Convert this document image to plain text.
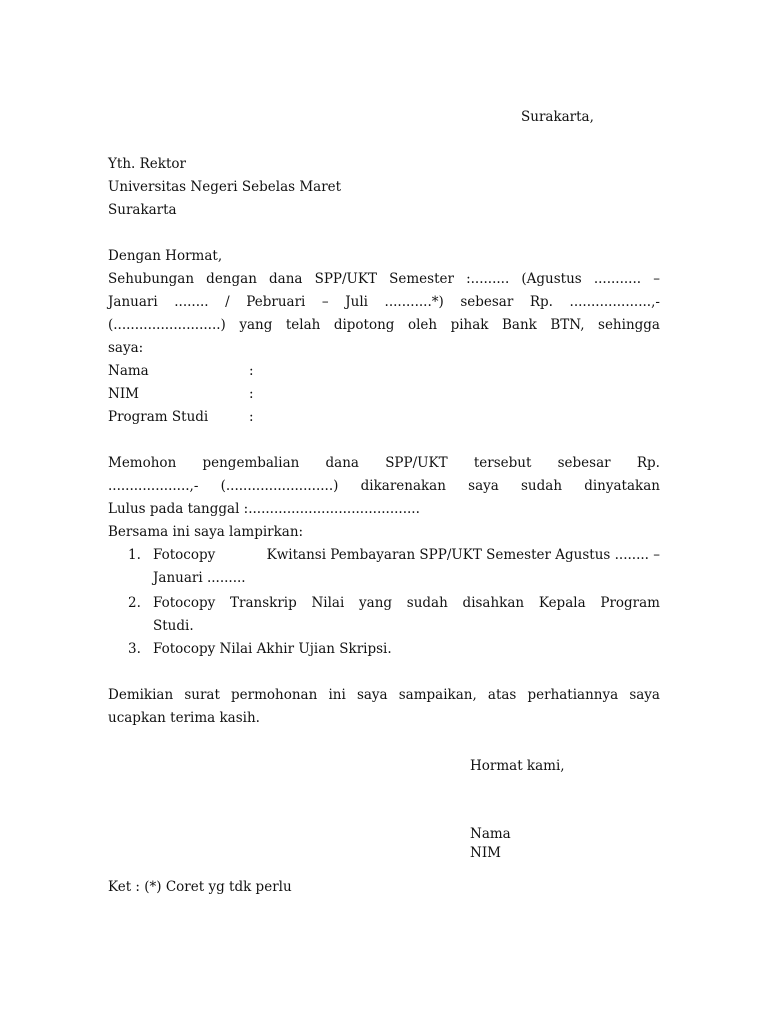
Surakarta,
Yth. Rektor
Universitas Negeri Sebelas Maret
Surakarta
Dengan Hormat,
Sehubungan dengan dana SPP/UKT Semester :......... (Agustus ........... –
Januari ........ / Pebruari – Juli ...........*) sebesar Rp. ...................,-
(.........................) yang telah dipotong oleh pihak Bank BTN, sehingga
saya:
Nama	:
NIM	:
Program Studi	:
Memohon pengembalian dana SPP/UKT tersebut sebesar Rp.
...................,- (.........................) dikarenakan saya sudah dinyatakan
Lulus pada tanggal :........................................
Bersama ini saya lampirkan:
1. Fotocopy	Kwitansi Pembayaran SPP/UKT Semester Agustus ........ –
Januari .........
2. Fotocopy Transkrip Nilai yang sudah disahkan Kepala Program
Studi.
3. Fotocopy Nilai Akhir Ujian Skripsi.
Demikian surat permohonan ini saya sampaikan, atas perhatiannya saya
ucapkan terima kasih.
Hormat kami,
Nama
NIM
Ket : (*) Coret yg tdk perlu
